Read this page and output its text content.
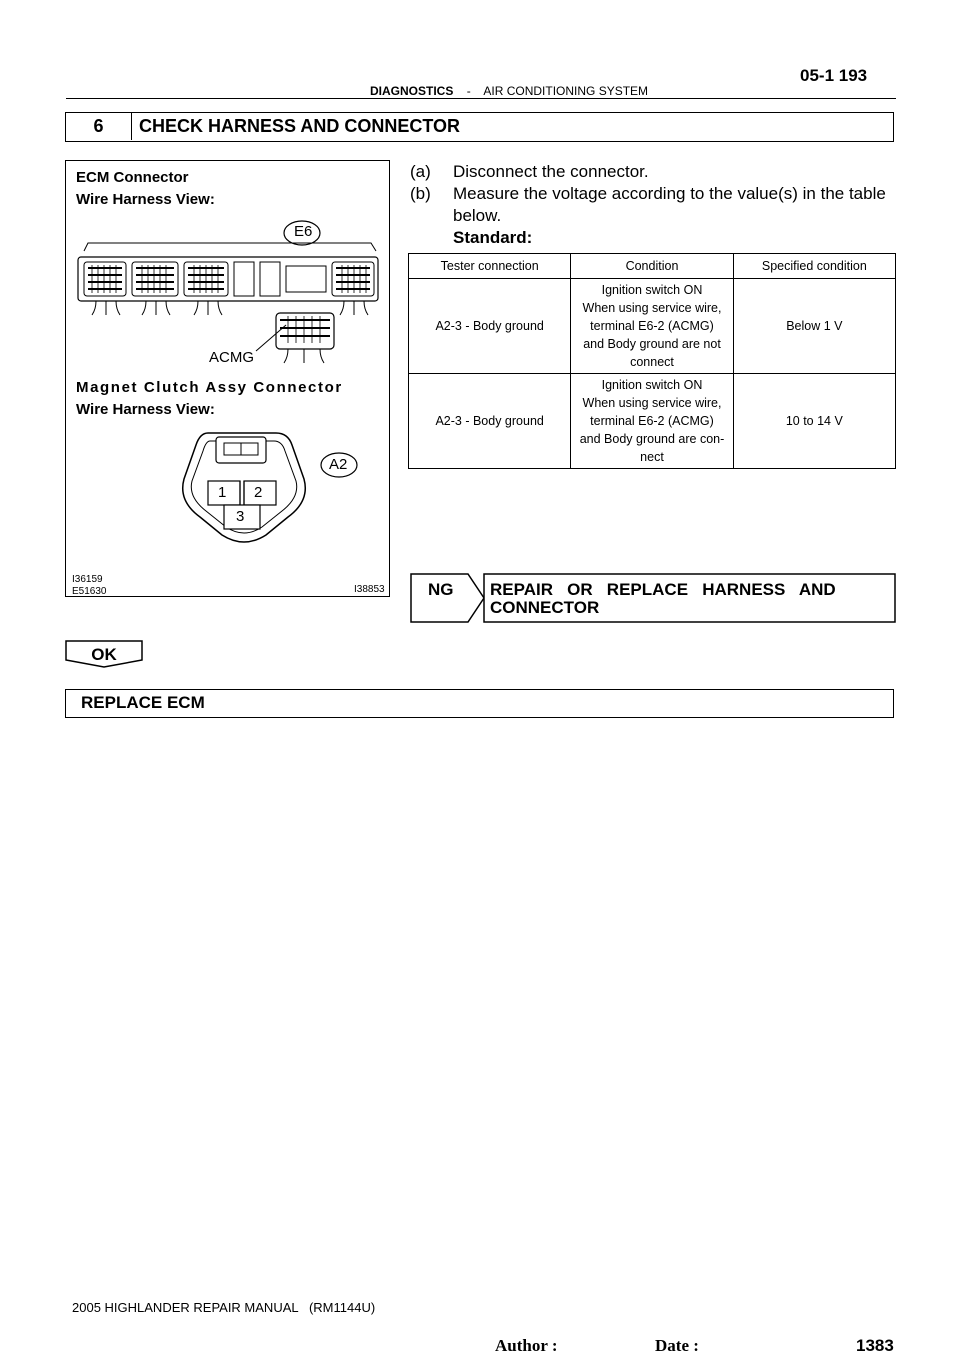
05-1 193
DIAGNOSTICS - AIR CONDITIONING SYSTEM
6	CHECK HARNESS AND CONNECTOR
ECM Connector
Wire Harness View:
E6
ACMG
Magnet Clutch Assy Connector
Wire Harness View:
A2
1 2
3
I36159
E51630	I38853
(a) Disconnect the connector.
(b) Measure the voltage according to the value(s) in the table
below.
Standard:
Tester connection	Condition	Specified condition
A2-3 - Body ground	Ignition switch ON
When using service wire,
terminal E6-2 (ACMG)
and Body ground are not
connect	Below 1 V
A2-3 - Body ground	Ignition switch ON
When using service wire,
terminal E6-2 (ACMG)
and Body ground are con-
nect	10 to 14 V
NG REPAIR   OR   REPLACE   HARNESS   AND
CONNECTOR
OK
REPLACE ECM
2005 HIGHLANDER REPAIR MANUAL   (RM1144U)
Author :	Date :	1383
